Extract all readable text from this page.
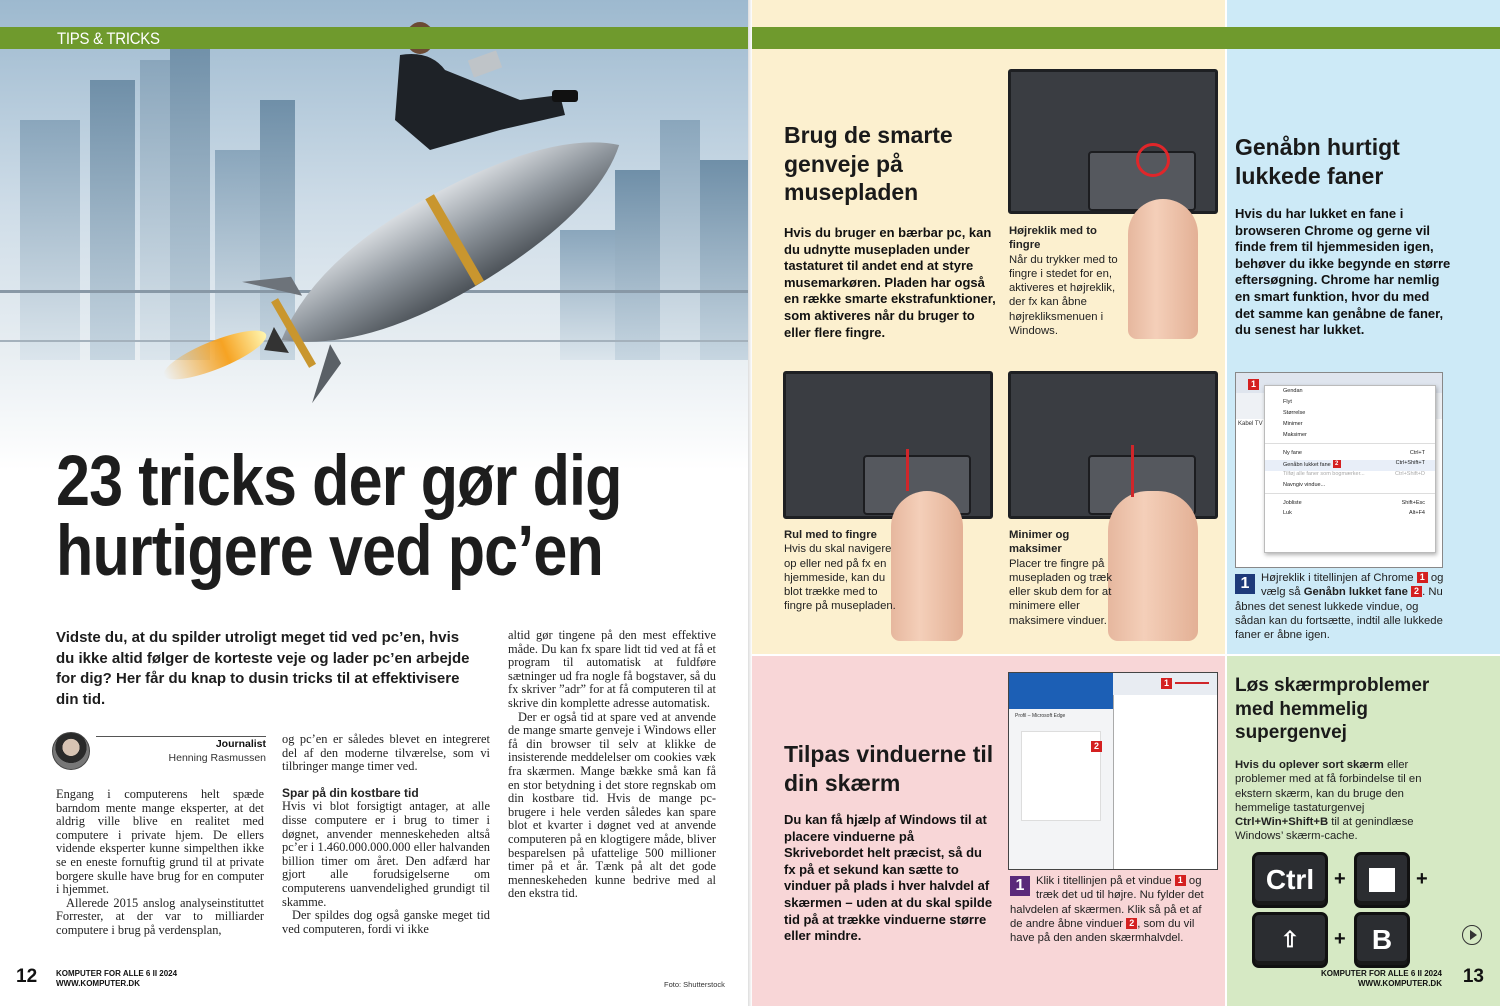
TIPS & TRICKS
23 tricks der gør dig
hurtigere ved pc’en
Vidste du, at du spilder utroligt meget tid ved pc’en, hvis du ikke altid følger de korteste veje og lader pc’en arbejde for dig? Her får du knap to dusin tricks til at effektivisere din tid.
Journalist
Henning Rasmussen

Engang i computerens helt spæde barndom mente mange eksperter, at det aldrig ville blive en realitet med computere i private hjem. De ellers vidende eksperter kunne simpelthen ikke se en eneste fornuftig grund til at private borgere skulle have brug for en computer i hjemmet.

Allerede 2015 anslog analyseinstituttet Forrester, at der var to milliarder computere i brug på verdensplan,

og pc’en er således blevet en integreret del af den moderne tilværelse, som vi tilbringer mange timer ved.

Spar på din kostbare tid

Hvis vi blot forsigtigt antager, at alle disse computere er i brug to timer i døgnet, anvender menneskeheden altså pc’er i 1.460.000.000.000 eller halvanden billion timer om året. Den adfærd har gjort alle forudsigelserne om computerens uanvendelighed grundigt til skamme.

Der spildes dog også ganske meget tid ved computeren, fordi vi ikke

altid gør tingene på den mest effektive måde. Du kan fx spare lidt tid ved at få et program til automatisk at fuldføre sætninger ud fra nogle få bogstaver, så du fx skriver ”adr” for at få computeren til at skrive din komplette adresse automatisk.

Der er også tid at spare ved at anvende de mange smarte genveje i Windows eller få din browser til selv at klikke de insisterende meddelelser om cookies væk fra skærmen. Mange bække små kan få en stor betydning i det store regnskab om din kostbare tid. Hvis de mange pc-brugere i hele verden således kan spare blot et kvarter i døgnet ved at anvende computeren på en klogtigere måde, bliver besparelsen på ufattelige 500 millioner timer på et år. Tænk på alt det gode menneskeheden kunne bedrive med al den ekstra tid.

12 KOMPUTER FOR ALLE 6 II 2024
WWW.KOMPUTER.DK	Foto: Shutterstock
Brug de smarte genveje på musepladen
Hvis du bruger en bærbar pc, kan du udnytte musepladen under tastaturet til andet end at styre musemarkøren. Pladen har også en række smarte ekstrafunktioner, som aktiveres når du bruger to eller flere fingre.
Højreklik med to fingre
Når du trykker med to fingre i stedet for en, aktiveres et højreklik, der fx kan åbne højrekliksmenuen i Windows.
Rul med to fingre
Hvis du skal navigere op eller ned på fx en hjemmeside, kan du blot trække med to fingre på musepladen.
Minimer og maksimer
Placer tre fingre på musepladen og træk eller skub dem for at minimere eller maksimere vinduer.
Genåbn hurtigt lukkede faner
Hvis du har lukket en fane i browseren Chrome og gerne vil finde frem til hjemmesiden igen, behøver du ikke begynde en større eftersøgning. Chrome har nemlig en smart funktion, hvor du med det samme kan genåbne de faner, du senest har lukket.
Kabel TV
1
Gendan
Flyt
Størrelse
Minimer
Maksimer
Ny fane	Ctrl+T
Genåbn lukket fane 2	Ctrl+Shift+T
Tilføj alle faner som bogmærker...	Ctrl+Shift+D
Navngiv vindue...
Jobliste	Shift+Esc
Luk	Alt+F4
1	Højreklik i titellinjen af Chrome 1 og vælg så Genåbn lukket fane 2 . Nu åbnes det senest lukkede vindue, og sådan kan du fortsætte, indtil alle lukkede faner er åbne igen.
Tilpas vinduerne til din skærm
Du kan få hjælp af Windows til at placere vinduerne på Skrivebordet helt præcist, så du fx på et sekund kan sætte to vinduer på plads i hver halvdel af skærmen – uden at du skal spilde tid på at trække vinduerne større eller mindre.
Profil – Microsoft Edge
1
2
1	Klik i titellinjen på et vindue 1 og træk det ud til højre. Nu fylder det halvdelen af skærmen. Klik så på et af de andre åbne vinduer 2 , som du vil have på den anden skærmhalvdel.
Løs skærmproblemer med hemmelig supergenvej
Hvis du oplever sort skærm eller problemer med at få forbindelse til en ekstern skærm, kan du bruge den hemmelige tastaturgenvej Ctrl+Win+Shift+B til at genindlæse Windows’ skærm-cache.
Ctrl +	+
⇧ + B
KOMPUTER FOR ALLE 6 II 2024
WWW.KOMPUTER.DK 13
